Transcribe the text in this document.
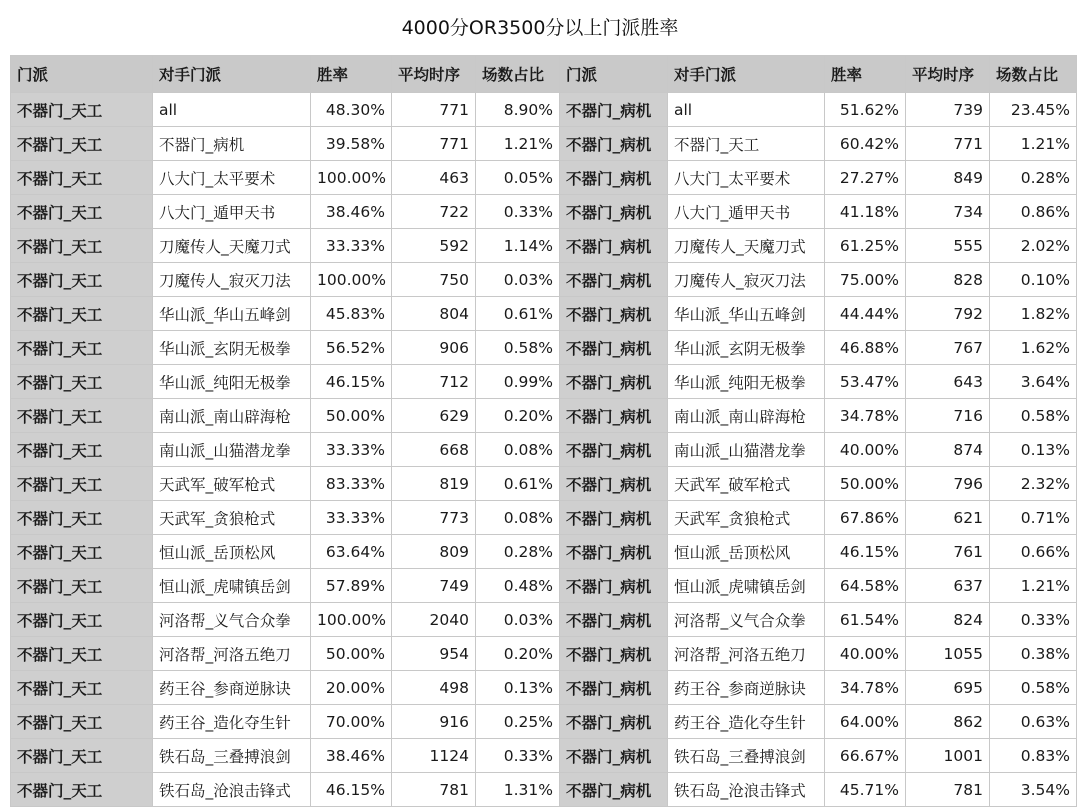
4000分OR3500分以上门派胜率
门派	对手门派	胜率	平均时序	场数占比	门派	对手门派	胜率	平均时序	场数占比
不器门_天工	all	48.30%	771	8.90%	不器门_病机	all	51.62%	739	23.45%
不器门_天工	不器门_病机	39.58%	771	1.21%	不器门_病机	不器门_天工	60.42%	771	1.21%
不器门_天工	八大门_太平要术	100.00%	463	0.05%	不器门_病机	八大门_太平要术	27.27%	849	0.28%
不器门_天工	八大门_遁甲天书	38.46%	722	0.33%	不器门_病机	八大门_遁甲天书	41.18%	734	0.86%
不器门_天工	刀魔传人_天魔刀式	33.33%	592	1.14%	不器门_病机	刀魔传人_天魔刀式	61.25%	555	2.02%
不器门_天工	刀魔传人_寂灭刀法	100.00%	750	0.03%	不器门_病机	刀魔传人_寂灭刀法	75.00%	828	0.10%
不器门_天工	华山派_华山五峰剑	45.83%	804	0.61%	不器门_病机	华山派_华山五峰剑	44.44%	792	1.82%
不器门_天工	华山派_玄阴无极拳	56.52%	906	0.58%	不器门_病机	华山派_玄阴无极拳	46.88%	767	1.62%
不器门_天工	华山派_纯阳无极拳	46.15%	712	0.99%	不器门_病机	华山派_纯阳无极拳	53.47%	643	3.64%
不器门_天工	南山派_南山辟海枪	50.00%	629	0.20%	不器门_病机	南山派_南山辟海枪	34.78%	716	0.58%
不器门_天工	南山派_山猫潜龙拳	33.33%	668	0.08%	不器门_病机	南山派_山猫潜龙拳	40.00%	874	0.13%
不器门_天工	天武军_破军枪式	83.33%	819	0.61%	不器门_病机	天武军_破军枪式	50.00%	796	2.32%
不器门_天工	天武军_贪狼枪式	33.33%	773	0.08%	不器门_病机	天武军_贪狼枪式	67.86%	621	0.71%
不器门_天工	恒山派_岳顶松风	63.64%	809	0.28%	不器门_病机	恒山派_岳顶松风	46.15%	761	0.66%
不器门_天工	恒山派_虎啸镇岳剑	57.89%	749	0.48%	不器门_病机	恒山派_虎啸镇岳剑	64.58%	637	1.21%
不器门_天工	河洛帮_义气合众拳	100.00%	2040	0.03%	不器门_病机	河洛帮_义气合众拳	61.54%	824	0.33%
不器门_天工	河洛帮_河洛五绝刀	50.00%	954	0.20%	不器门_病机	河洛帮_河洛五绝刀	40.00%	1055	0.38%
不器门_天工	药王谷_参商逆脉诀	20.00%	498	0.13%	不器门_病机	药王谷_参商逆脉诀	34.78%	695	0.58%
不器门_天工	药王谷_造化夺生针	70.00%	916	0.25%	不器门_病机	药王谷_造化夺生针	64.00%	862	0.63%
不器门_天工	铁石岛_三叠搏浪剑	38.46%	1124	0.33%	不器门_病机	铁石岛_三叠搏浪剑	66.67%	1001	0.83%
不器门_天工	铁石岛_沧浪击锋式	46.15%	781	1.31%	不器门_病机	铁石岛_沧浪击锋式	45.71%	781	3.54%
